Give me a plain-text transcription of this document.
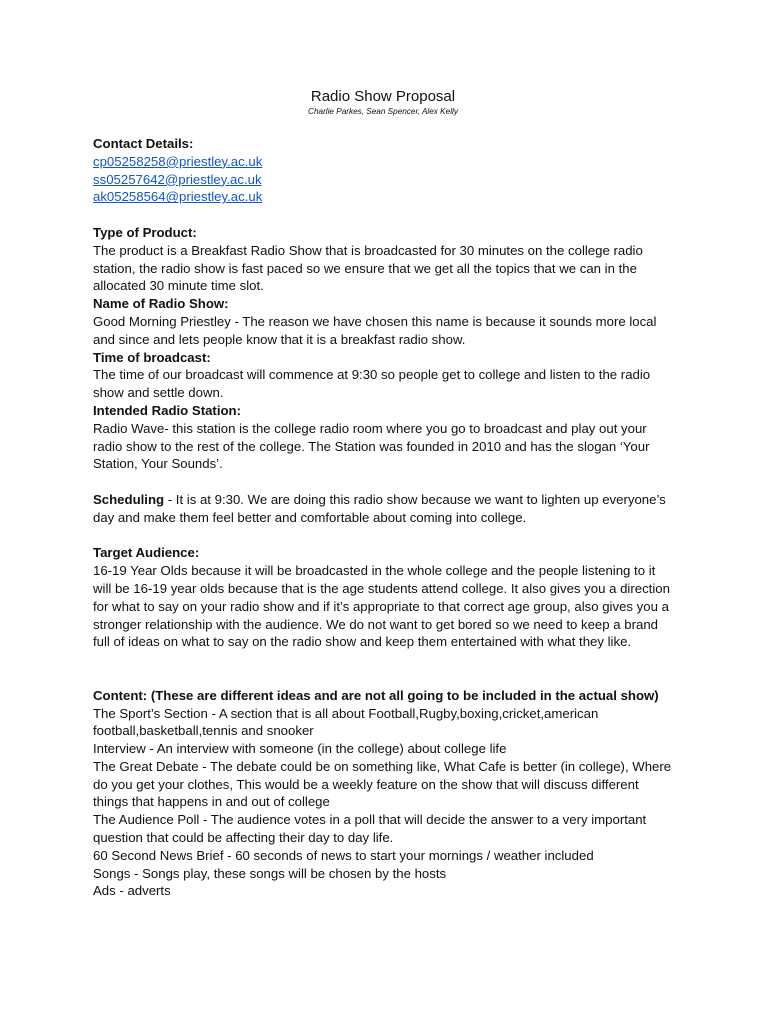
Radio Show Proposal

Charlie Parkes, Sean Spencer, Alex Kelly

Contact Details:

cp05258258@priestley.ac.uk
ss05257642@priestley.ac.uk
ak05258564@priestley.ac.uk

Type of Product:

The product is a Breakfast Radio Show that is broadcasted for 30 minutes on the college radio station, the radio show is fast paced so we ensure that we get all the topics that we can in the allocated 30 minute time slot.

Name of Radio Show:

Good Morning Priestley - The reason we have chosen this name is because it sounds more local and since and lets people know that it is a breakfast radio show.

Time of broadcast:

The time of our broadcast will commence at 9:30 so people get to college and listen to the radio show and settle down.

Intended Radio Station:

Radio Wave- this station is the college radio room where you go to broadcast and play out your radio show to the rest of the college. The Station was founded in 2010 and has the slogan ‘Your Station, Your Sounds’.

Scheduling - It is at 9:30. We are doing this radio show because we want to lighten up everyone’s day and make them feel better and comfortable about coming into college.

Target Audience:

16-19 Year Olds because it will be broadcasted in the whole college and the people listening to it will be 16-19 year olds because that is the age students attend college. It also gives you a direction for what to say on your radio show and if it’s appropriate to that correct age group, also gives you a stronger relationship with the audience. We do not want to get bored so we need to keep a brand full of ideas on what to say on the radio show and keep them entertained with what they like.

Content: (These are different ideas and are not all going to be included in the actual show)

The Sport’s Section - A section that is all about Football,Rugby,boxing,cricket,american football,basketball,tennis and snooker

Interview - An interview with someone (in the college) about college life

The Great Debate - The debate could be on something like, What Cafe is better (in college), Where do you get your clothes, This would be a weekly feature on the show that will discuss different things that happens in and out of college

The Audience Poll - The audience votes in a poll that will decide the answer to a very important question that could be affecting their day to day life.

60 Second News Brief - 60 seconds of news to start your mornings / weather included

Songs - Songs play, these songs will be chosen by the hosts

Ads - adverts
